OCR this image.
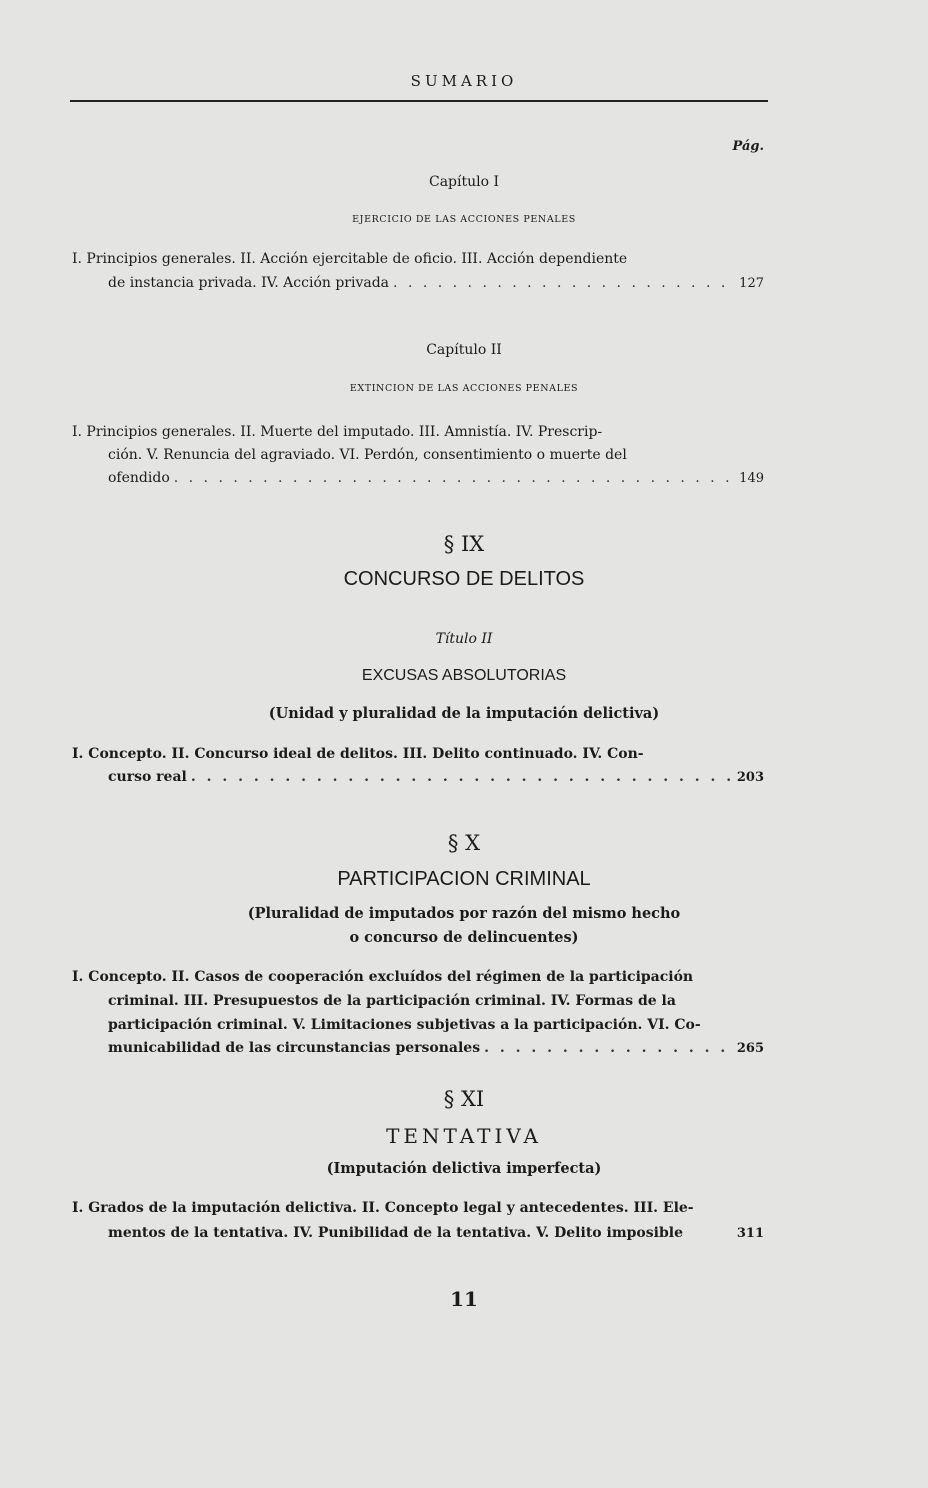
SUMARIO
Pág.
Capítulo I
EJERCICIO DE LAS ACCIONES PENALES
I. Principios generales. II. Acción ejercitable de oficio. III. Acción dependiente
de instancia privada. IV. Acción privada . . .	127
Capítulo II
EXTINCION DE LAS ACCIONES PENALES
I. Principios generales. II. Muerte del imputado. III. Amnistía. IV. Prescrip-
ción. V. Renuncia del agraviado. VI. Perdón, consentimiento o muerte del
ofendido . . .	149
§ IX
CONCURSO DE DELITOS
Título II
EXCUSAS ABSOLUTORIAS
(Unidad y pluralidad de la imputación delictiva)
I. Concepto. II. Concurso ideal de delitos. III. Delito continuado. IV. Con-
curso real . . .	203
§ X
PARTICIPACION CRIMINAL
(Pluralidad de imputados por razón del mismo hecho
o concurso de delincuentes)
I. Concepto. II. Casos de cooperación excluídos del régimen de la participación
criminal. III. Presupuestos de la participación criminal. IV. Formas de la
participación criminal. V. Limitaciones subjetivas a la participación. VI. Co-
municabilidad de las circunstancias personales . . .	265
§ XI
TENTATIVA
(Imputación delictiva imperfecta)
I. Grados de la imputación delictiva. II. Concepto legal y antecedentes. III. Ele-
mentos de la tentativa. IV. Punibilidad de la tentativa. V. Delito imposible	311
11
